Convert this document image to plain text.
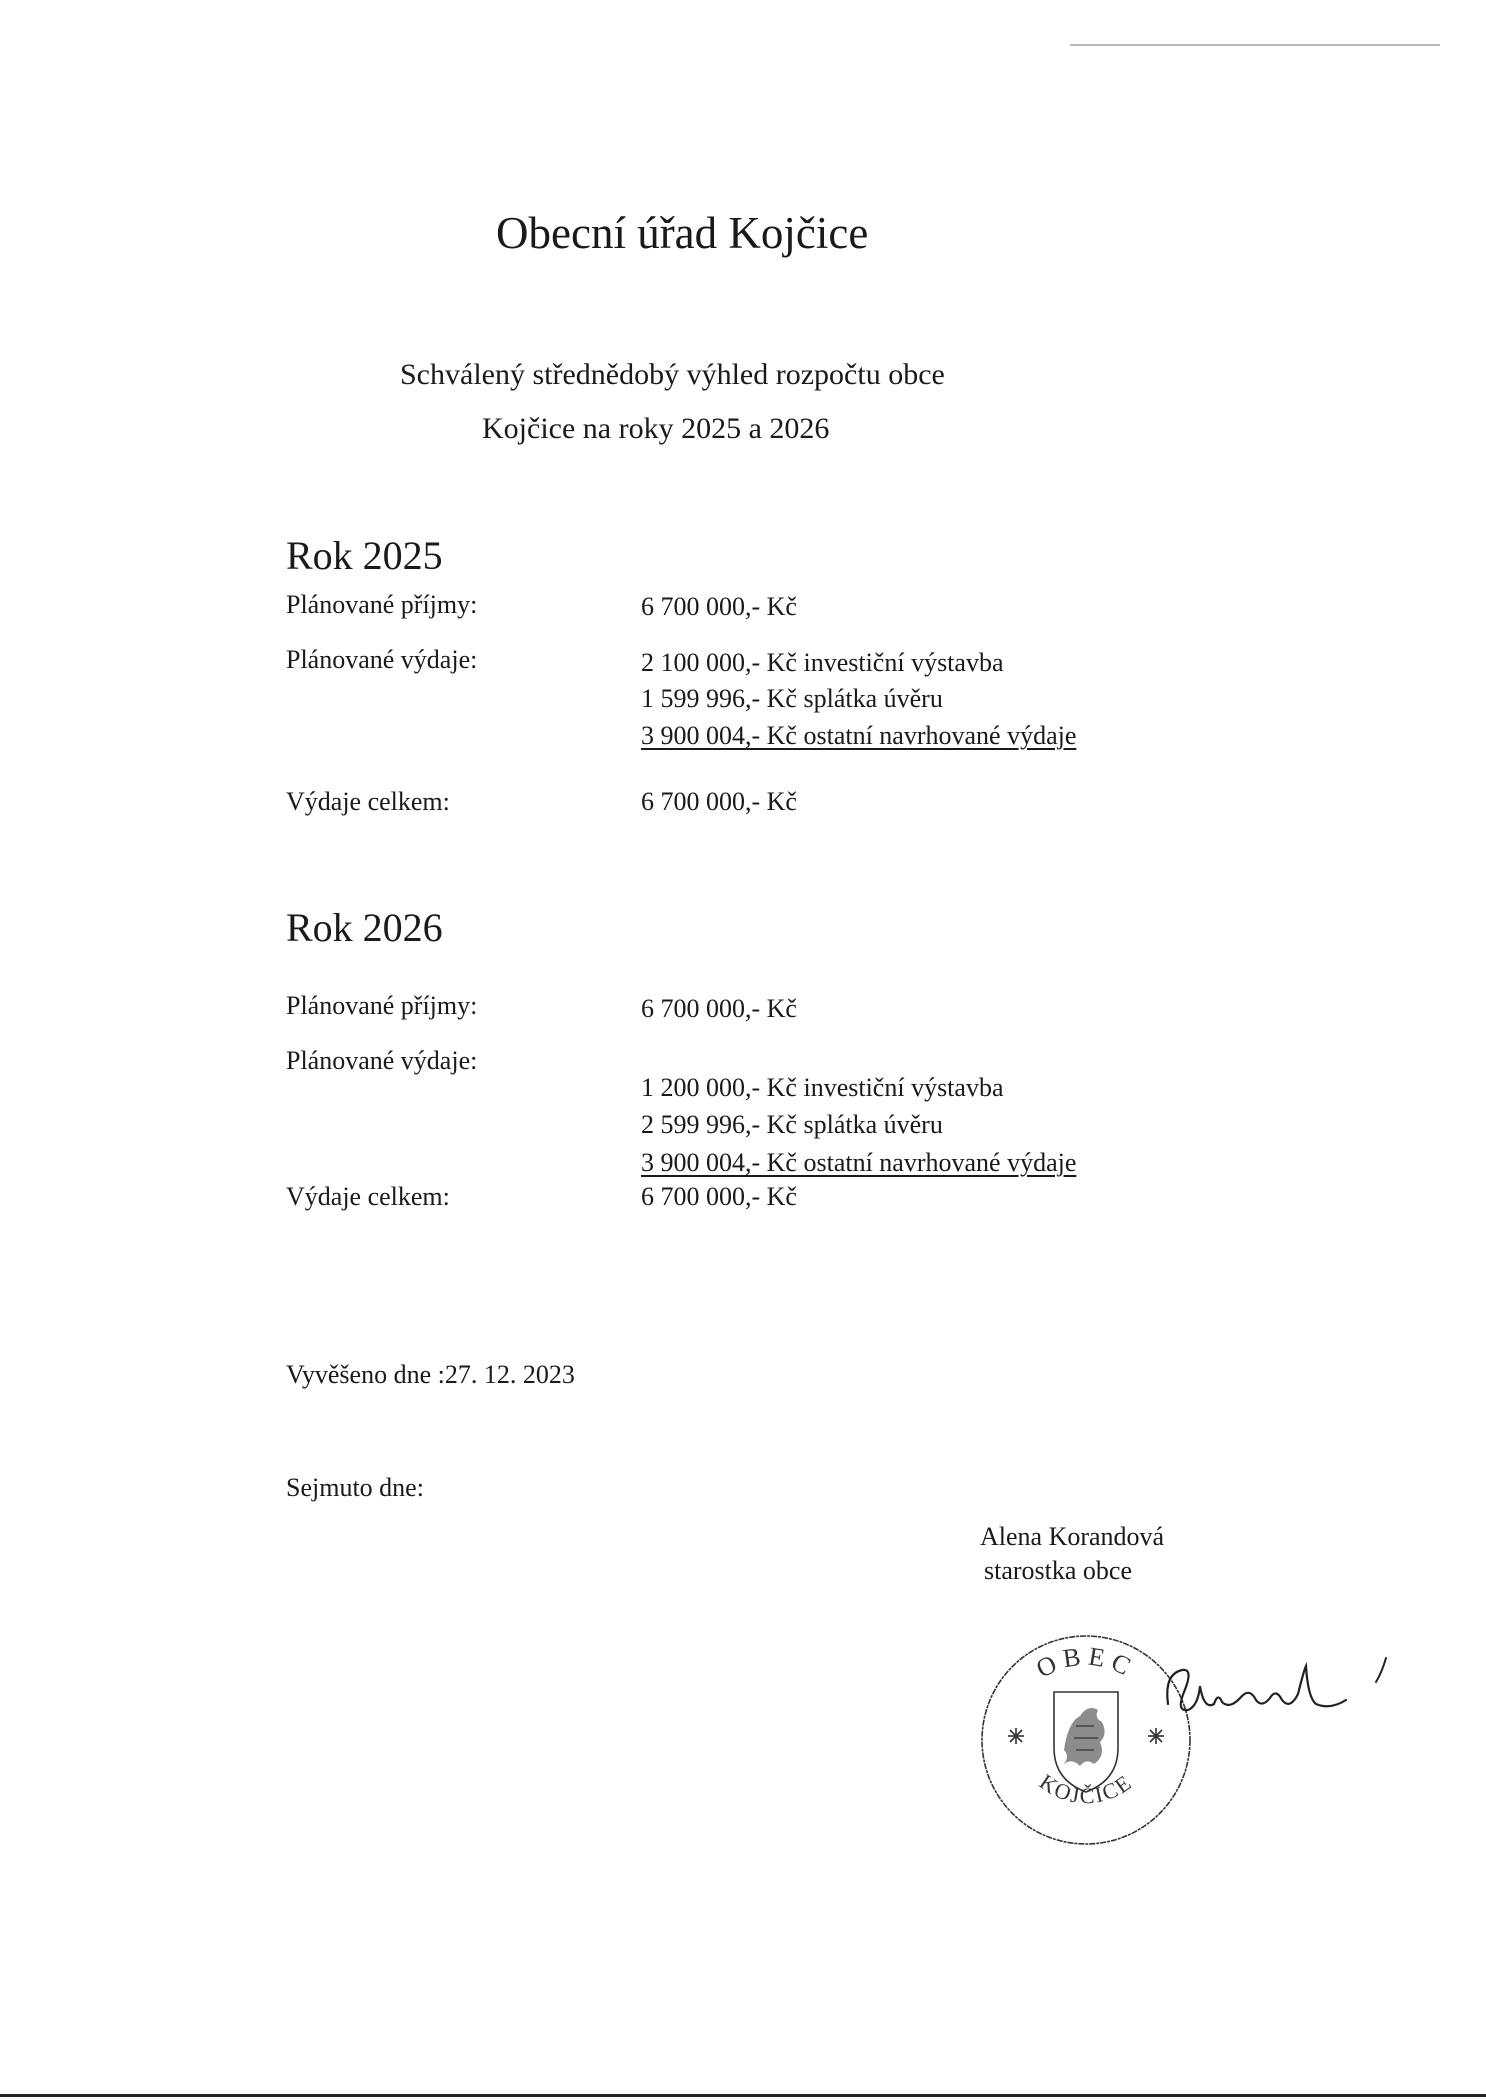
Obecní úřad Kojčice
Schválený střednědobý výhled rozpočtu obce
Kojčice na roky 2025 a 2026
Rok 2025
Plánované příjmy:	6 700 000,- Kč
Plánované výdaje:	2 100 000,- Kč investiční výstavba
1 599 996,- Kč splátka úvěru
3 900 004,- Kč ostatní navrhované výdaje
Výdaje celkem:	6 700 000,- Kč
Rok 2026
Plánované příjmy:	6 700 000,- Kč
Plánované výdaje:
1 200 000,- Kč investiční výstavba
2 599 996,- Kč splátka úvěru
3 900 004,- Kč ostatní navrhované výdaje
Výdaje celkem:	6 700 000,- Kč
Vyvěšeno dne :27. 12. 2023
Sejmuto dne:
Alena Korandová
starostka obce
OBEC
KOJČICE
